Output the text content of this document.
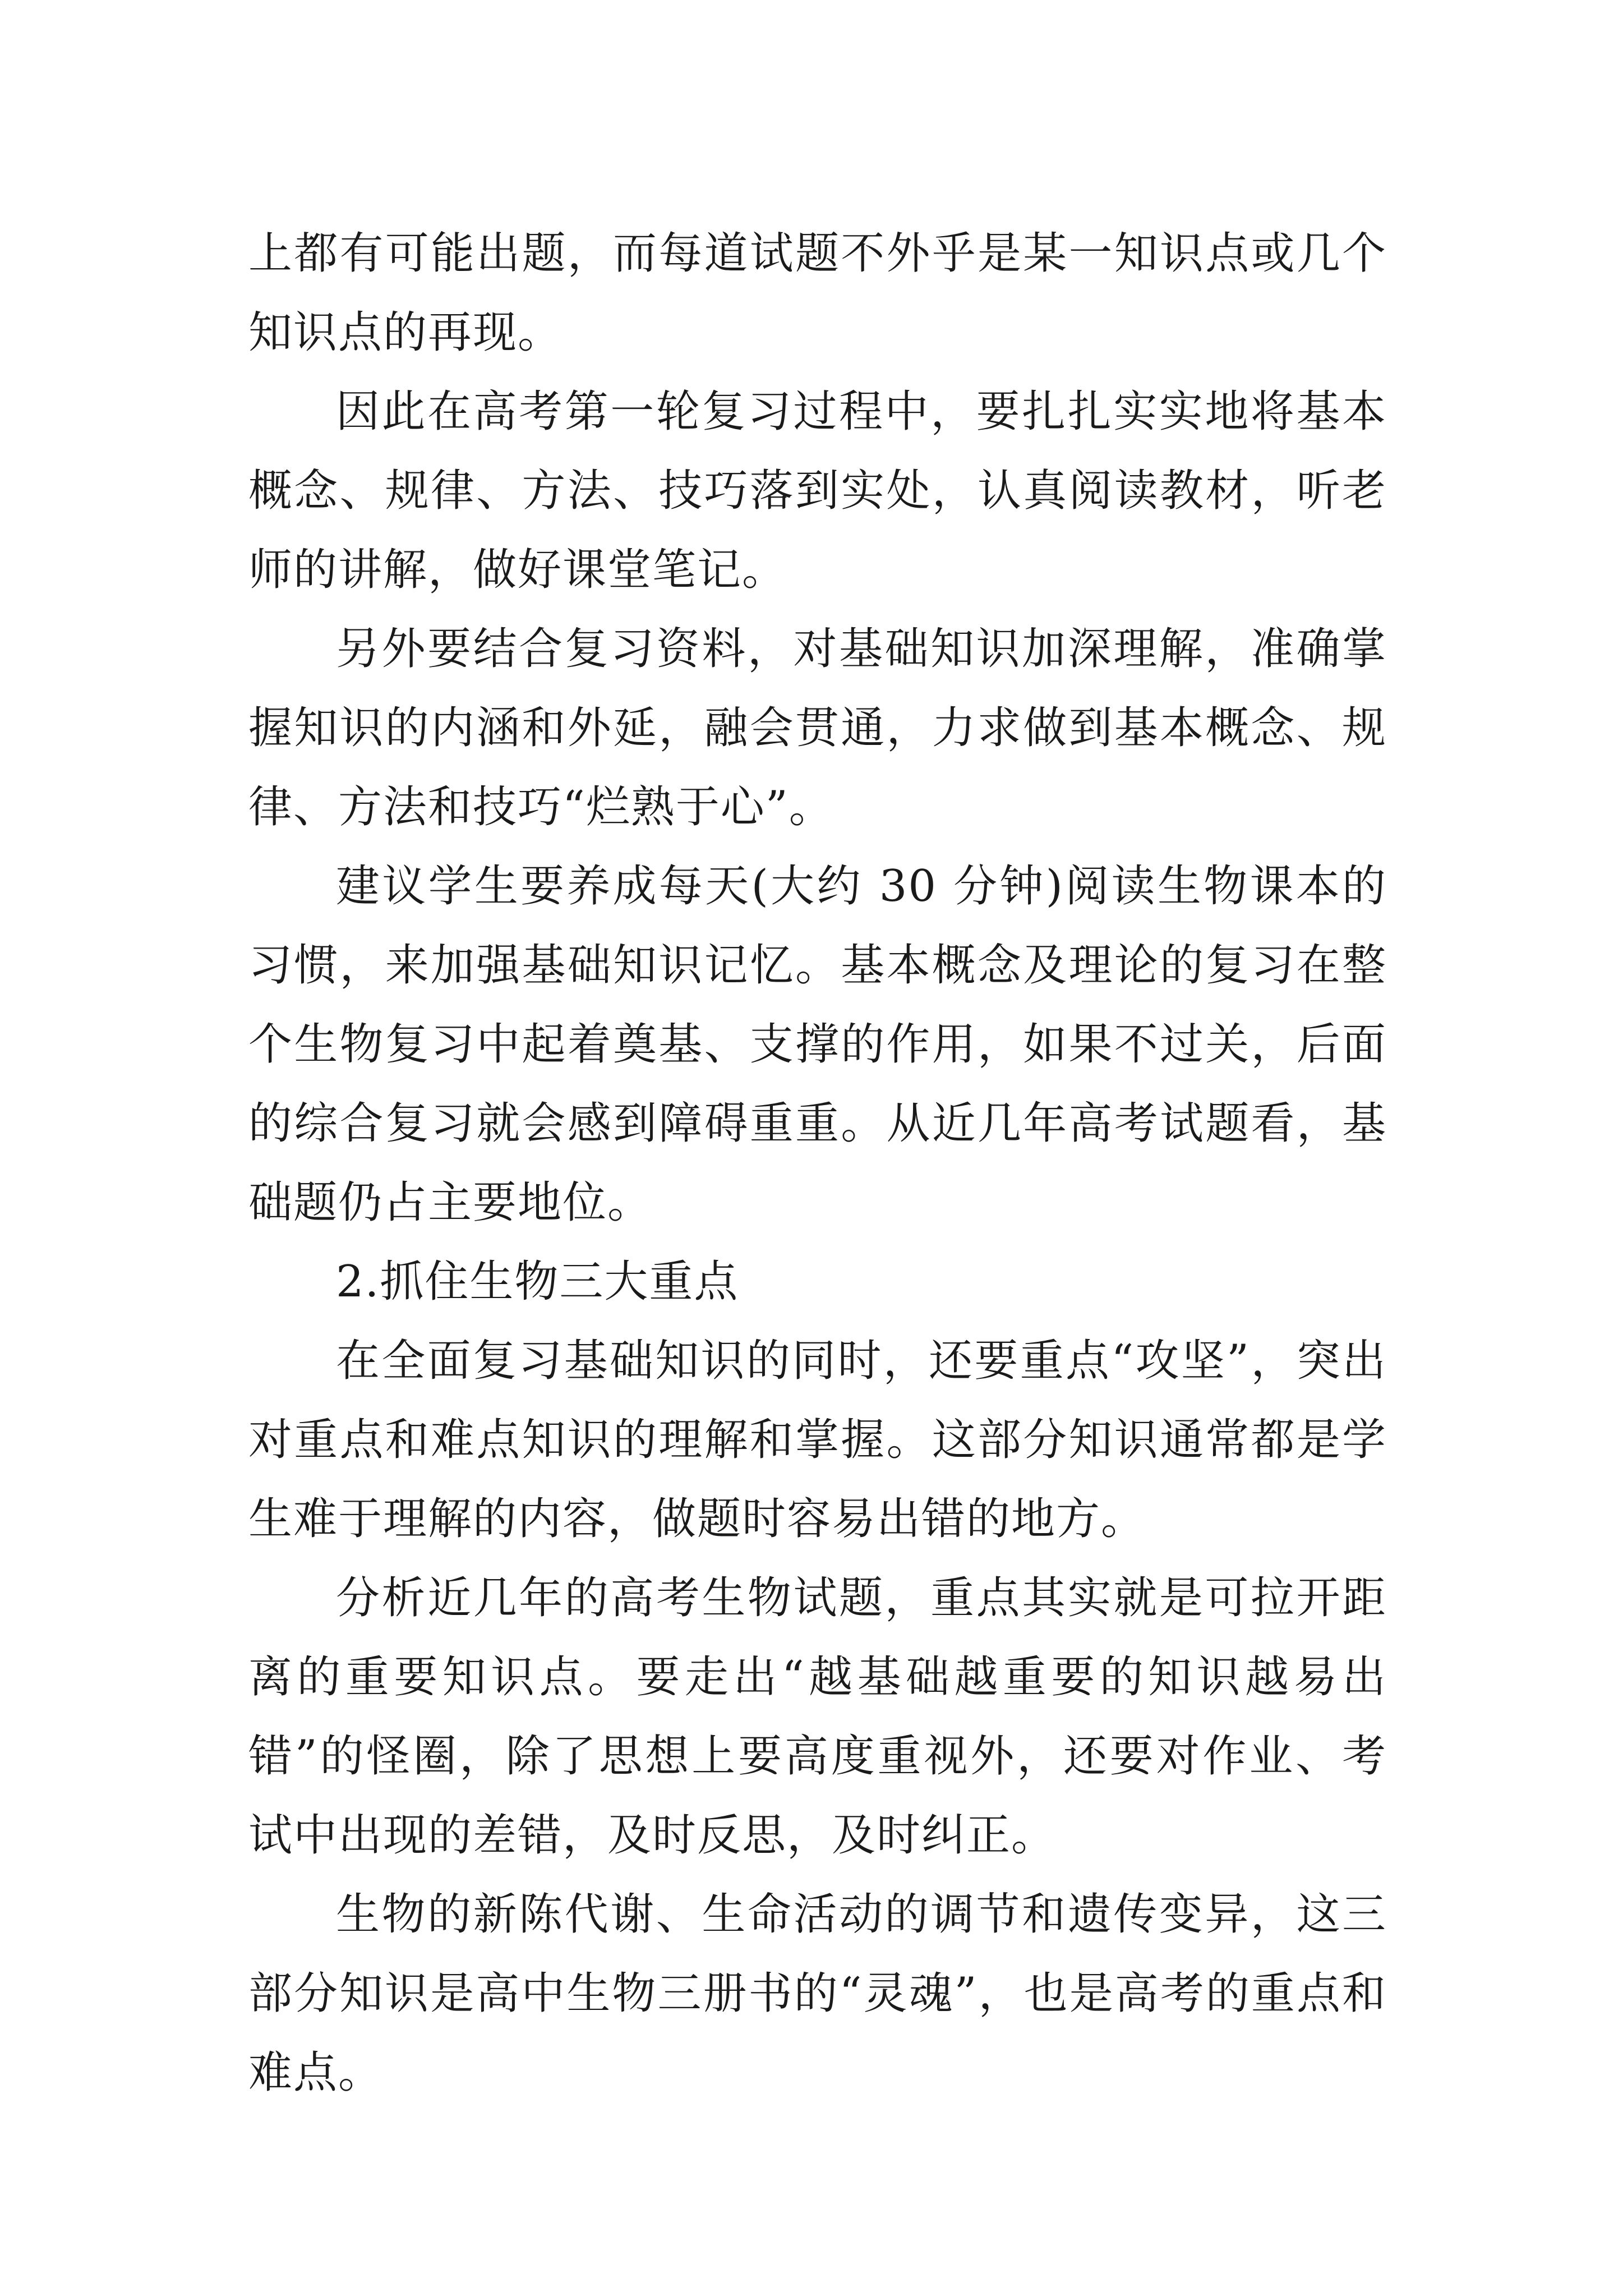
上都有可能出题，而每道试题不外乎是某一知识点或几个知识点的再现。

因此在高考第一轮复习过程中，要扎扎实实地将基本概念、规律、方法、技巧落到实处，认真阅读教材，听老师的讲解，做好课堂笔记。

另外要结合复习资料，对基础知识加深理解，准确掌握知识的内涵和外延，融会贯通，力求做到基本概念、规律、方法和技巧“烂熟于心”。

建议学生要养成每天(大约 30 分钟)阅读生物课本的习惯，来加强基础知识记忆。基本概念及理论的复习在整个生物复习中起着奠基、支撑的作用，如果不过关，后面的综合复习就会感到障碍重重。从近几年高考试题看，基础题仍占主要地位。

2.抓住生物三大重点

在全面复习基础知识的同时，还要重点“攻坚”，突出对重点和难点知识的理解和掌握。这部分知识通常都是学生难于理解的内容，做题时容易出错的地方。

分析近几年的高考生物试题，重点其实就是可拉开距离的重要知识点。要走出“越基础越重要的知识越易出错”的怪圈，除了思想上要高度重视外，还要对作业、考试中出现的差错，及时反思，及时纠正。

生物的新陈代谢、生命活动的调节和遗传变异，这三部分知识是高中生物三册书的“灵魂”，也是高考的重点和难点。
